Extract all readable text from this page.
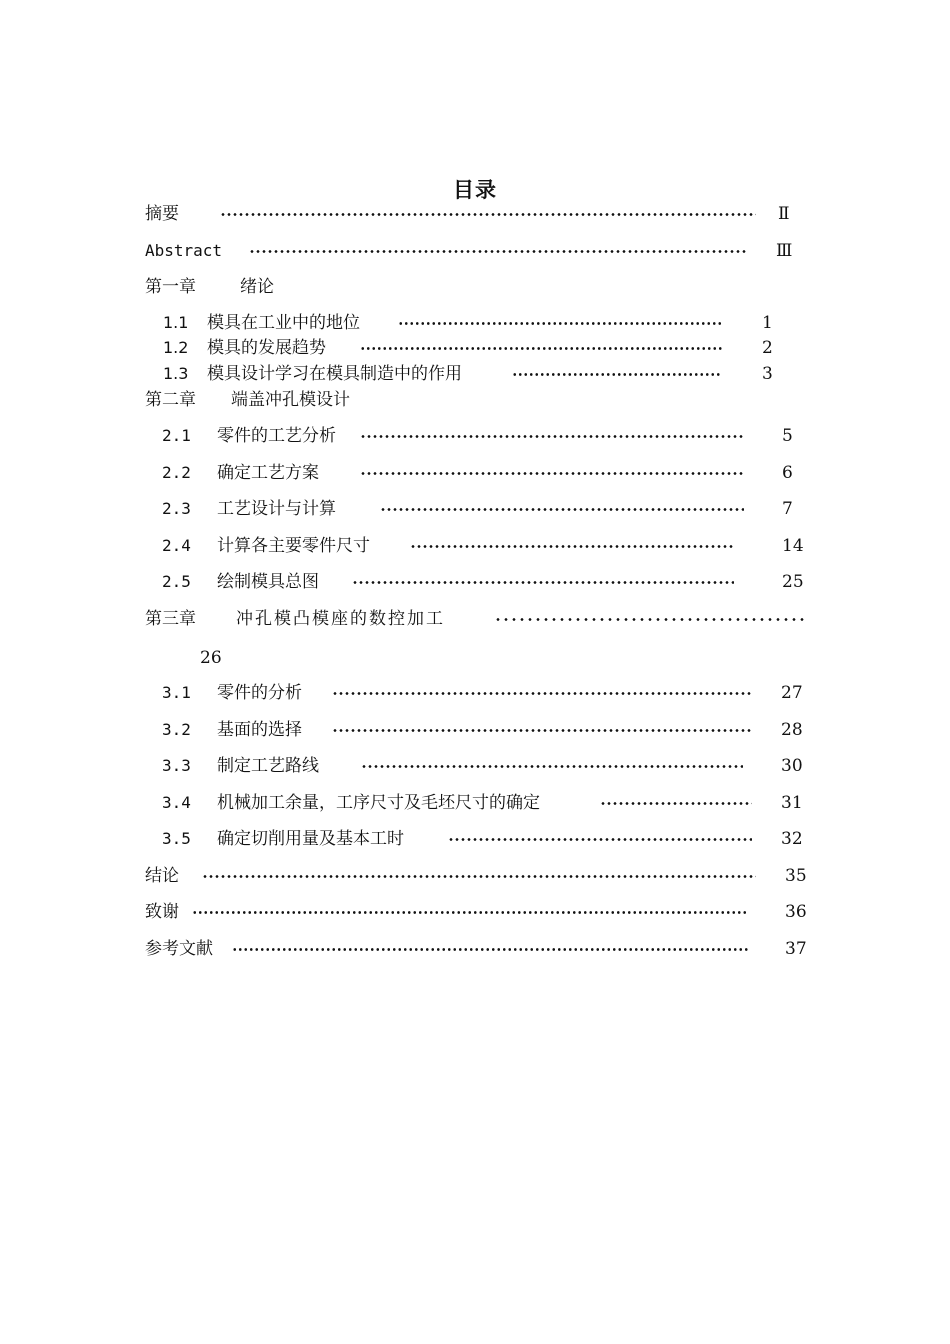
目录
摘要	Ⅱ
Abstract	Ⅲ
第一章	绪论
1.1 模具在工业中的地位	1
1.2 模具的发展趋势	2
1.3 模具设计学习在模具制造中的作用	3
第二章 端盖冲孔模设计
2.1 零件的工艺分析	5
2.2 确定工艺方案	6
2.3 工艺设计与计算	7
2.4 计算各主要零件尺寸	14
2.5 绘制模具总图	25
第三章 冲孔模凸模座的数控加工
26
3.1 零件的分析	27
3.2 基面的选择	28
3.3 制定工艺路线	30
3.4 机械加工余量，工序尺寸及毛坯尺寸的确定	31
3.5 确定切削用量及基本工时	32
结论	35
致谢	36
参考文献	37
